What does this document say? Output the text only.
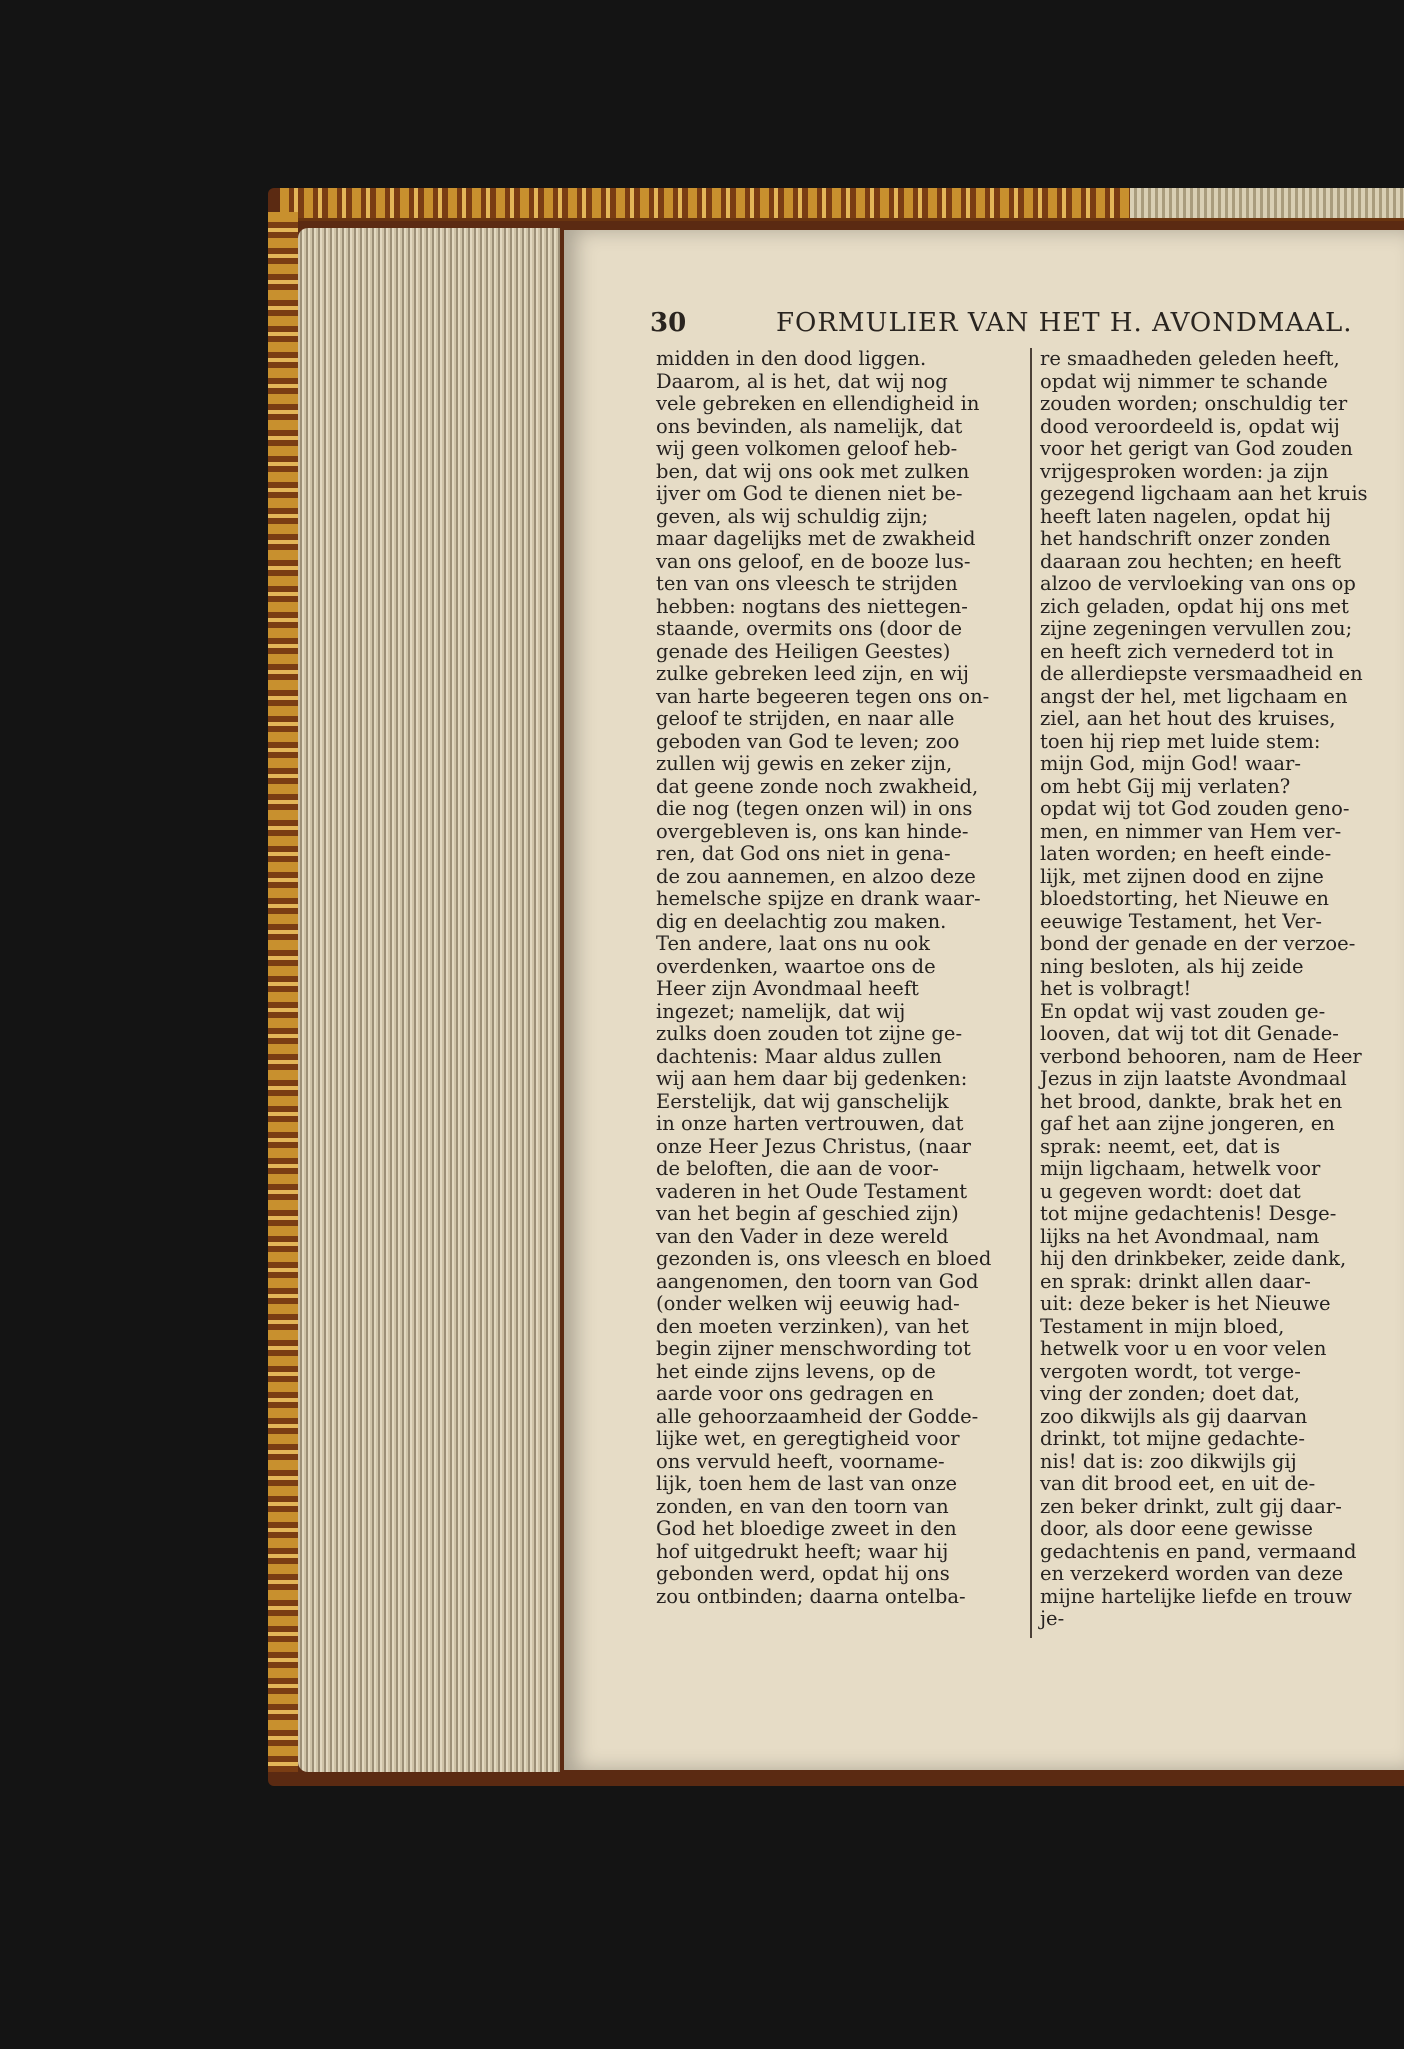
30	FORMULIER VAN HET H. AVONDMAAL.
midden in den dood liggen.
Daarom, al is het, dat wij nog
vele gebreken en ellendigheid in
ons bevinden, als namelijk, dat
wij geen volkomen geloof heb-
ben, dat wij ons ook met zulken
ijver om God te dienen niet be-
geven, als wij schuldig zijn;
maar dagelijks met de zwakheid
van ons geloof, en de booze lus-
ten van ons vleesch te strijden
hebben: nogtans des niettegen-
staande, overmits ons (door de
genade des Heiligen Geestes)
zulke gebreken leed zijn, en wij
van harte begeeren tegen ons on-
geloof te strijden, en naar alle
geboden van God te leven; zoo
zullen wij gewis en zeker zijn,
dat geene zonde noch zwakheid,
die nog (tegen onzen wil) in ons
overgebleven is, ons kan hinde-
ren, dat God ons niet in gena-
de zou aannemen, en alzoo deze
hemelsche spijze en drank waar-
dig en deelachtig zou maken.
Ten andere, laat ons nu ook
overdenken, waartoe ons de
Heer zijn Avondmaal heeft
ingezet; namelijk, dat wij
zulks doen zouden tot zijne ge-
dachtenis: Maar aldus zullen
wij aan hem daar bij gedenken:
Eerstelijk, dat wij ganschelijk
in onze harten vertrouwen, dat
onze Heer Jezus Christus, (naar
de beloften, die aan de voor-
vaderen in het Oude Testament
van het begin af geschied zijn)
van den Vader in deze wereld
gezonden is, ons vleesch en bloed
aangenomen, den toorn van God
(onder welken wij eeuwig had-
den moeten verzinken), van het
begin zijner menschwording tot
het einde zijns levens, op de
aarde voor ons gedragen en
alle gehoorzaamheid der Godde-
lijke wet, en geregtigheid voor
ons vervuld heeft, voorname-
lijk, toen hem de last van onze
zonden, en van den toorn van
God het bloedige zweet in den
hof uitgedrukt heeft; waar hij
gebonden werd, opdat hij ons
zou ontbinden; daarna ontelba-
re smaadheden geleden heeft,
opdat wij nimmer te schande
zouden worden; onschuldig ter
dood veroordeeld is, opdat wij
voor het gerigt van God zouden
vrijgesproken worden: ja zijn
gezegend ligchaam aan het kruis
heeft laten nagelen, opdat hij
het handschrift onzer zonden
daaraan zou hechten; en heeft
alzoo de vervloeking van ons op
zich geladen, opdat hij ons met
zijne zegeningen vervullen zou;
en heeft zich vernederd tot in
de allerdiepste versmaadheid en
angst der hel, met ligchaam en
ziel, aan het hout des kruises,
toen hij riep met luide stem:
mijn God, mijn God! waar-
om hebt Gij mij verlaten?
opdat wij tot God zouden geno-
men, en nimmer van Hem ver-
laten worden; en heeft einde-
lijk, met zijnen dood en zijne
bloedstorting, het Nieuwe en
eeuwige Testament, het Ver-
bond der genade en der verzoe-
ning besloten, als hij zeide
het is volbragt!
En opdat wij vast zouden ge-
looven, dat wij tot dit Genade-
verbond behooren, nam de Heer
Jezus in zijn laatste Avondmaal
het brood, dankte, brak het en
gaf het aan zijne jongeren, en
sprak: neemt, eet, dat is
mijn ligchaam, hetwelk voor
u gegeven wordt: doet dat
tot mijne gedachtenis! Desge-
lijks na het Avondmaal, nam
hij den drinkbeker, zeide dank,
en sprak: drinkt allen daar-
uit: deze beker is het Nieuwe
Testament in mijn bloed,
hetwelk voor u en voor velen
vergoten wordt, tot verge-
ving der zonden; doet dat,
zoo dikwijls als gij daarvan
drinkt, tot mijne gedachte-
nis! dat is: zoo dikwijls gij
van dit brood eet, en uit de-
zen beker drinkt, zult gij daar-
door, als door eene gewisse
gedachtenis en pand, vermaand
en verzekerd worden van deze
mijne hartelijke liefde en trouw
je-
